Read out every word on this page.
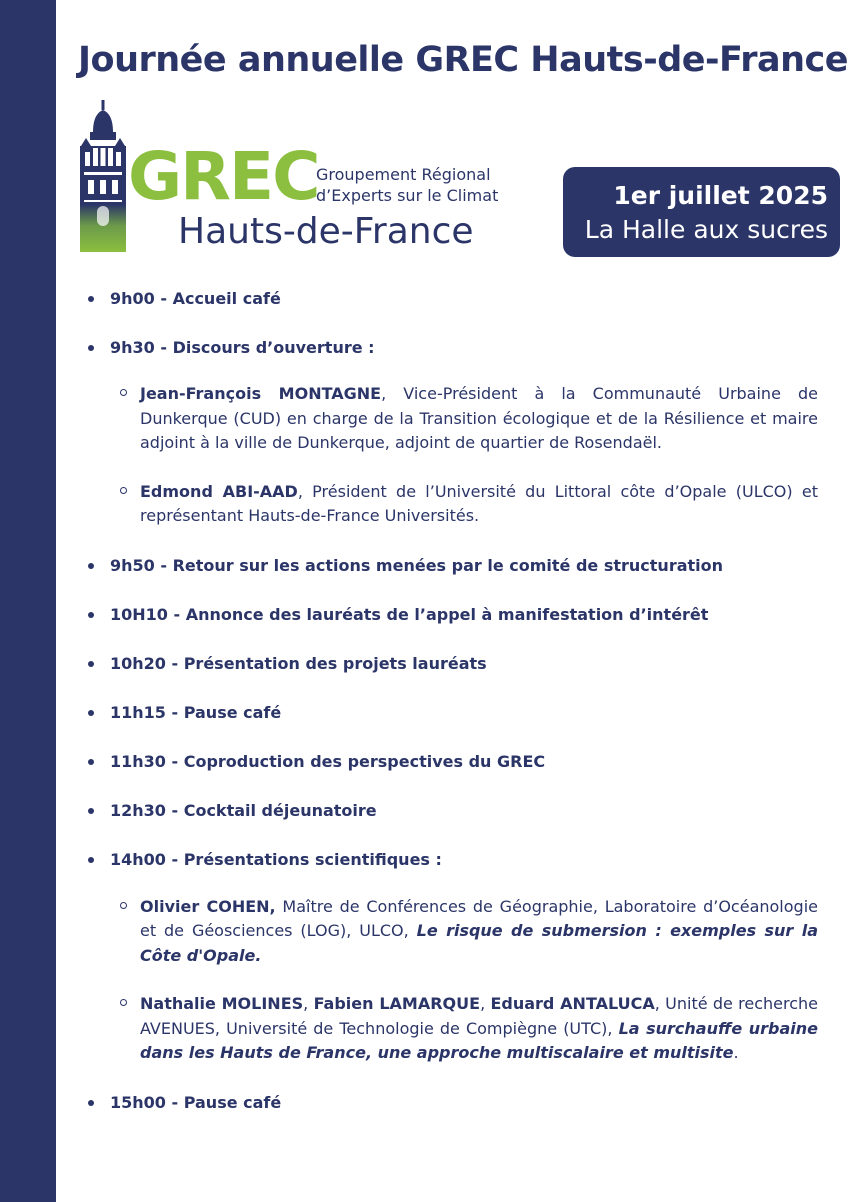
Journée annuelle GREC Hauts-de-France
GREC
Groupement Régional
d’Experts sur le Climat
Hauts-de-France
1er juillet 2025
La Halle aux sucres
9h00 - Accueil café
9h30 - Discours d’ouverture :

Jean-François MONTAGNE, Vice-Président à la Communauté Urbaine de Dunkerque (CUD) en charge de la Transition écologique et de la Résilience et maire adjoint à la ville de Dunkerque, adjoint de quartier de Rosendaël.

Edmond ABI-AAD, Président de l’Université du Littoral côte d’Opale (ULCO) et représentant Hauts-de-France Universités.

9h50 - Retour sur les actions menées par le comité de structuration
10H10 - Annonce des lauréats de l’appel à manifestation d’intérêt
10h20 - Présentation des projets lauréats
11h15 - Pause café
11h30 - Coproduction des perspectives du GREC
12h30 - Cocktail déjeunatoire
14h00 - Présentations scientifiques :

Olivier COHEN, Maître de Conférences de Géographie, Laboratoire d’Océanologie et de Géosciences (LOG), ULCO, Le risque de submersion : exemples sur la Côte d'Opale.

Nathalie MOLINES, Fabien LAMARQUE, Eduard ANTALUCA, Unité de recherche AVENUES, Université de Technologie de Compiègne (UTC), La surchauffe urbaine dans les Hauts de France, une approche multiscalaire et multisite.

15h00 - Pause café
